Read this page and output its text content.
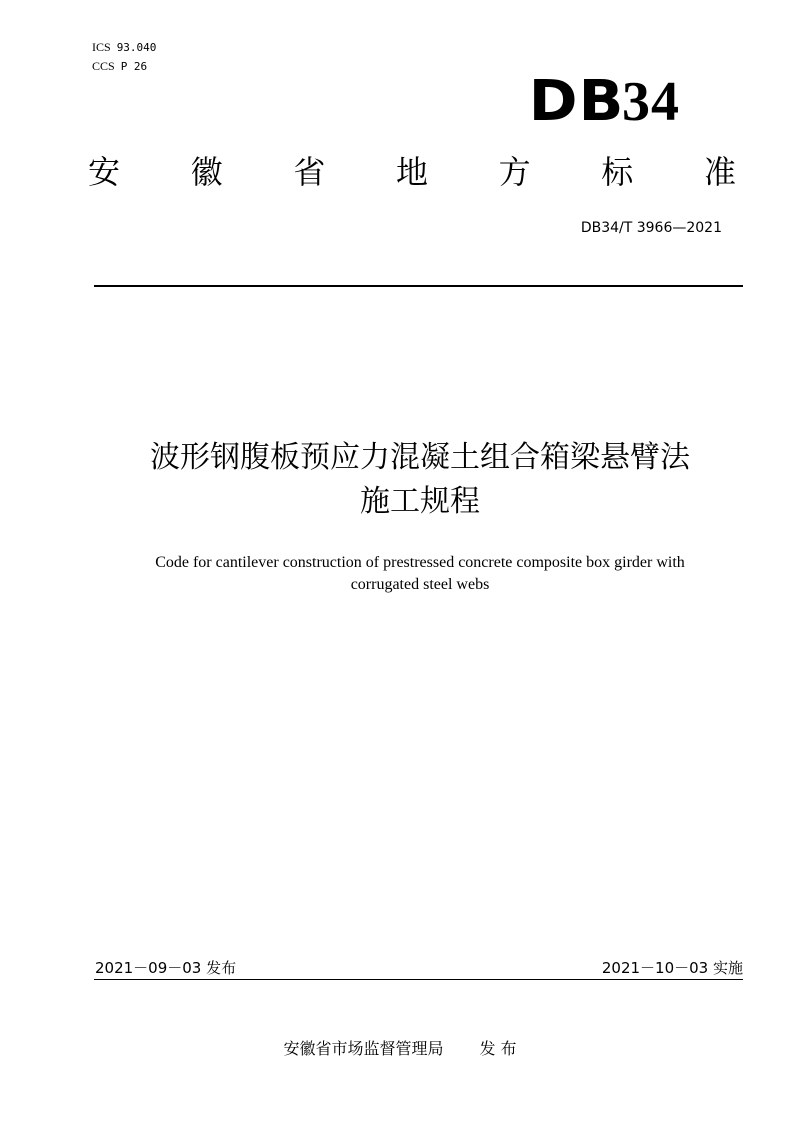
ICS 93.040
CCS P 26
DB34
安 徽 省 地 方 标 准
DB34/T 3966—2021
波形钢腹板预应力混凝土组合箱梁悬臂法
施工规程
Code for cantilever construction of prestressed concrete composite box girder with
corrugated steel webs
2021－09－03 发布	2021－10－03 实施
安徽省市场监督管理局 发 布
